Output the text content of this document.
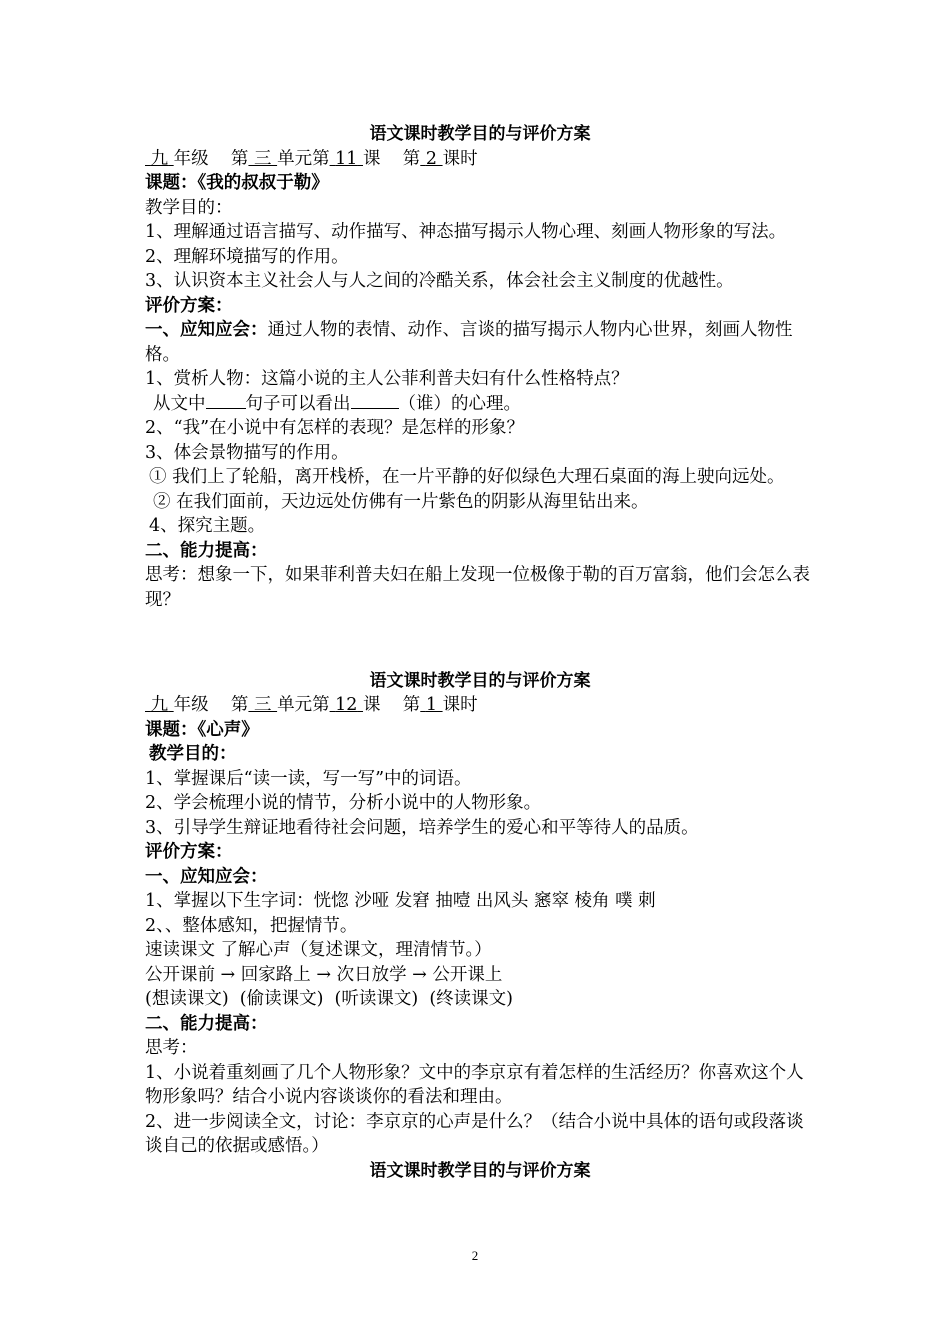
语文课时教学目的与评价方案
九 年级 第 三 单元第 11 课 第 2 课时
课题：《我的叔叔于勒》
教学目的：
1、理解通过语言描写、动作描写、神态描写揭示人物心理、刻画人物形象的写法。
2、理解环境描写的作用。
3、认识资本主义社会人与人之间的冷酷关系，体会社会主义制度的优越性。
评价方案：
一、应知应会：通过人物的表情、动作、言谈的描写揭示人物内心世界，刻画人物性格。
1、赏析人物：这篇小说的主人公菲利普夫妇有什么性格特点？
从文中 句子可以看出	（谁）的心理。
2、“我”在小说中有怎样的表现？是怎样的形象？
3、体会景物描写的作用。
① 我们上了轮船，离开栈桥，在一片平静的好似绿色大理石桌面的海上驶向远处。
② 在我们面前，天边远处仿佛有一片紫色的阴影从海里钻出来。
4、探究主题。
二、能力提高：
思考：想象一下，如果菲利普夫妇在船上发现一位极像于勒的百万富翁，他们会怎么表现？
语文课时教学目的与评价方案
九 年级 第 三 单元第 12 课 第 1 课时
课题：《心声》
教学目的：
1、掌握课后“读一读，写一写”中的词语。
2、学会梳理小说的情节，分析小说中的人物形象。
3、引导学生辩证地看待社会问题，培养学生的爱心和平等待人的品质。
评价方案：
一、应知应会：
1、掌握以下生字词：恍惚 沙哑 发窘 抽噎 出风头 窸窣 棱角 噗 刺
2、、整体感知，把握情节。
速读课文 了解心声（复述课文，理清情节。）
公开课前 → 回家路上 → 次日放学 → 公开课上
(想读课文)  (偷读课文)  (听读课文)  (终读课文)
二、能力提高：
思考：
1、小说着重刻画了几个人物形象？文中的李京京有着怎样的生活经历？你喜欢这个人物形象吗？结合小说内容谈谈你的看法和理由。
2、进一步阅读全文，讨论：李京京的心声是什么？（结合小说中具体的语句或段落谈谈自己的依据或感悟。）
语文课时教学目的与评价方案
2
